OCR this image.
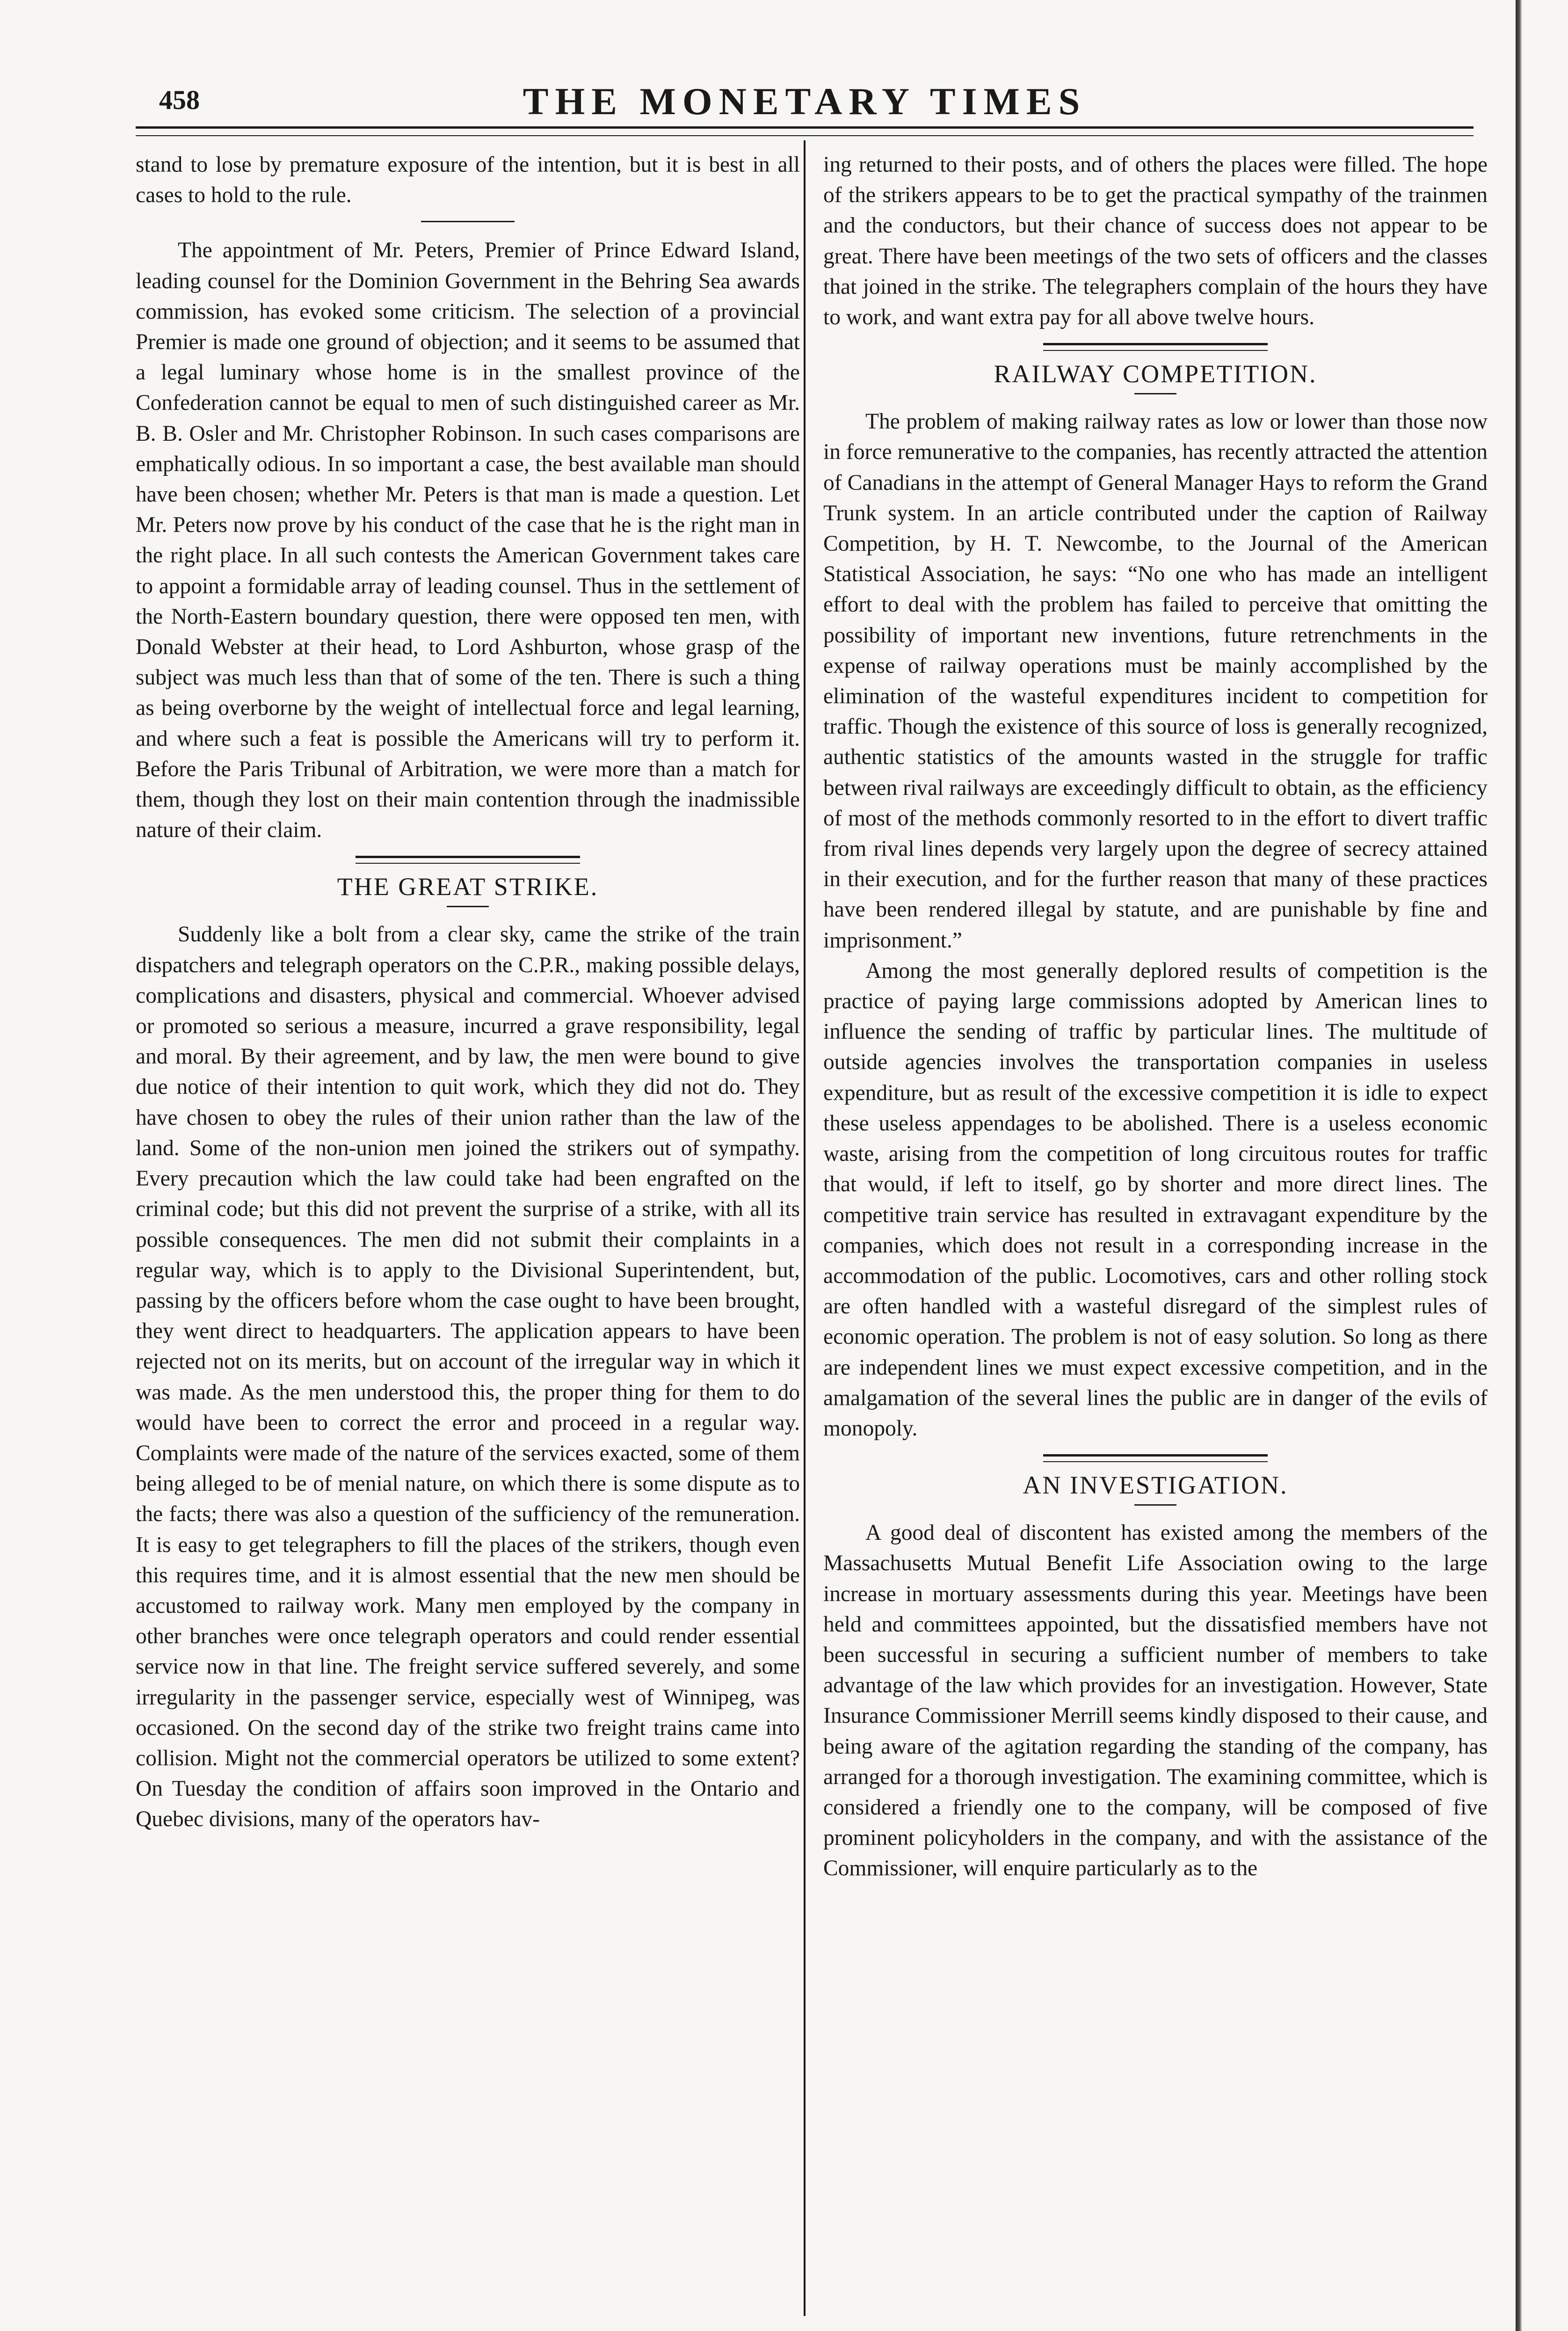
458	THE MONETARY TIMES

stand to lose by premature exposure of the intention, but it is best in all cases to hold to the rule.

The appointment of Mr. Peters, Premier of Prince Edward Island, leading counsel for the Dominion Government in the Behring Sea awards commission, has evoked some criticism. The selection of a provincial Premier is made one ground of objection; and it seems to be assumed that a legal luminary whose home is in the smallest province of the Confederation cannot be equal to men of such distinguished career as Mr. B. B. Osler and Mr. Christopher Robinson. In such cases comparisons are emphatically odious. In so important a case, the best available man should have been chosen; whether Mr. Peters is that man is made a question. Let Mr. Peters now prove by his conduct of the case that he is the right man in the right place. In all such contests the American Government takes care to appoint a formidable array of leading counsel. Thus in the settlement of the North-Eastern boundary question, there were opposed ten men, with Donald Webster at their head, to Lord Ashburton, whose grasp of the subject was much less than that of some of the ten. There is such a thing as being overborne by the weight of intellectual force and legal learning, and where such a feat is possible the Americans will try to perform it. Before the Paris Tribunal of Arbitration, we were more than a match for them, though they lost on their main contention through the inadmissible nature of their claim.

THE GREAT STRIKE.

Suddenly like a bolt from a clear sky, came the strike of the train dispatchers and telegraph operators on the C.P.R., making possible delays, complications and disasters, physical and commercial. Whoever advised or promoted so serious a measure, incurred a grave responsibility, legal and moral. By their agreement, and by law, the men were bound to give due notice of their intention to quit work, which they did not do. They have chosen to obey the rules of their union rather than the law of the land. Some of the non-union men joined the strikers out of sympathy. Every precaution which the law could take had been engrafted on the criminal code; but this did not prevent the surprise of a strike, with all its possible consequences. The men did not submit their complaints in a regular way, which is to apply to the Divisional Superintendent, but, passing by the officers before whom the case ought to have been brought, they went direct to headquarters. The application appears to have been rejected not on its merits, but on account of the irregular way in which it was made. As the men understood this, the proper thing for them to do would have been to correct the error and proceed in a regular way. Complaints were made of the nature of the services exacted, some of them being alleged to be of menial nature, on which there is some dispute as to the facts; there was also a question of the sufficiency of the remuneration. It is easy to get telegraphers to fill the places of the strikers, though even this requires time, and it is almost essential that the new men should be accustomed to railway work. Many men employed by the company in other branches were once telegraph operators and could render essential service now in that line. The freight service suffered severely, and some irregularity in the passenger service, especially west of Winnipeg, was occasioned. On the second day of the strike two freight trains came into collision. Might not the commercial operators be utilized to some extent? On Tuesday the condition of affairs soon improved in the Ontario and Quebec divisions, many of the operators hav-

ing returned to their posts, and of others the places were filled. The hope of the strikers appears to be to get the practical sympathy of the trainmen and the conductors, but their chance of success does not appear to be great. There have been meetings of the two sets of officers and the classes that joined in the strike. The telegraphers complain of the hours they have to work, and want extra pay for all above twelve hours.

RAILWAY COMPETITION.

The problem of making railway rates as low or lower than those now in force remunerative to the companies, has recently attracted the attention of Canadians in the attempt of General Manager Hays to reform the Grand Trunk system. In an article contributed under the caption of Railway Competition, by H. T. Newcombe, to the Journal of the American Statistical Association, he says: “No one who has made an intelligent effort to deal with the problem has failed to perceive that omitting the possibility of important new inventions, future retrenchments in the expense of railway operations must be mainly accomplished by the elimination of the wasteful expenditures incident to competition for traffic. Though the existence of this source of loss is generally recognized, authentic statistics of the amounts wasted in the struggle for traffic between rival railways are exceedingly difficult to obtain, as the efficiency of most of the methods commonly resorted to in the effort to divert traffic from rival lines depends very largely upon the degree of secrecy attained in their execution, and for the further reason that many of these practices have been rendered illegal by statute, and are punishable by fine and imprisonment.”

Among the most generally deplored results of competition is the practice of paying large commissions adopted by American lines to influence the sending of traffic by particular lines. The multitude of outside agencies involves the transportation companies in useless expenditure, but as result of the excessive competition it is idle to expect these useless appendages to be abolished. There is a useless economic waste, arising from the competition of long circuitous routes for traffic that would, if left to itself, go by shorter and more direct lines. The competitive train service has resulted in extravagant expenditure by the companies, which does not result in a corresponding increase in the accommodation of the public. Locomotives, cars and other rolling stock are often handled with a wasteful disregard of the simplest rules of economic operation. The problem is not of easy solution. So long as there are independent lines we must expect excessive competition, and in the amalgamation of the several lines the public are in danger of the evils of monopoly.

AN INVESTIGATION.

A good deal of discontent has existed among the members of the Massachusetts Mutual Benefit Life Association owing to the large increase in mortuary assessments during this year. Meetings have been held and committees appointed, but the dissatisfied members have not been successful in securing a sufficient number of members to take advantage of the law which provides for an investigation. However, State Insurance Commissioner Merrill seems kindly disposed to their cause, and being aware of the agitation regarding the standing of the company, has arranged for a thorough investigation. The examining committee, which is considered a friendly one to the company, will be composed of five prominent policyholders in the company, and with the assistance of the Commissioner, will enquire particularly as to the
